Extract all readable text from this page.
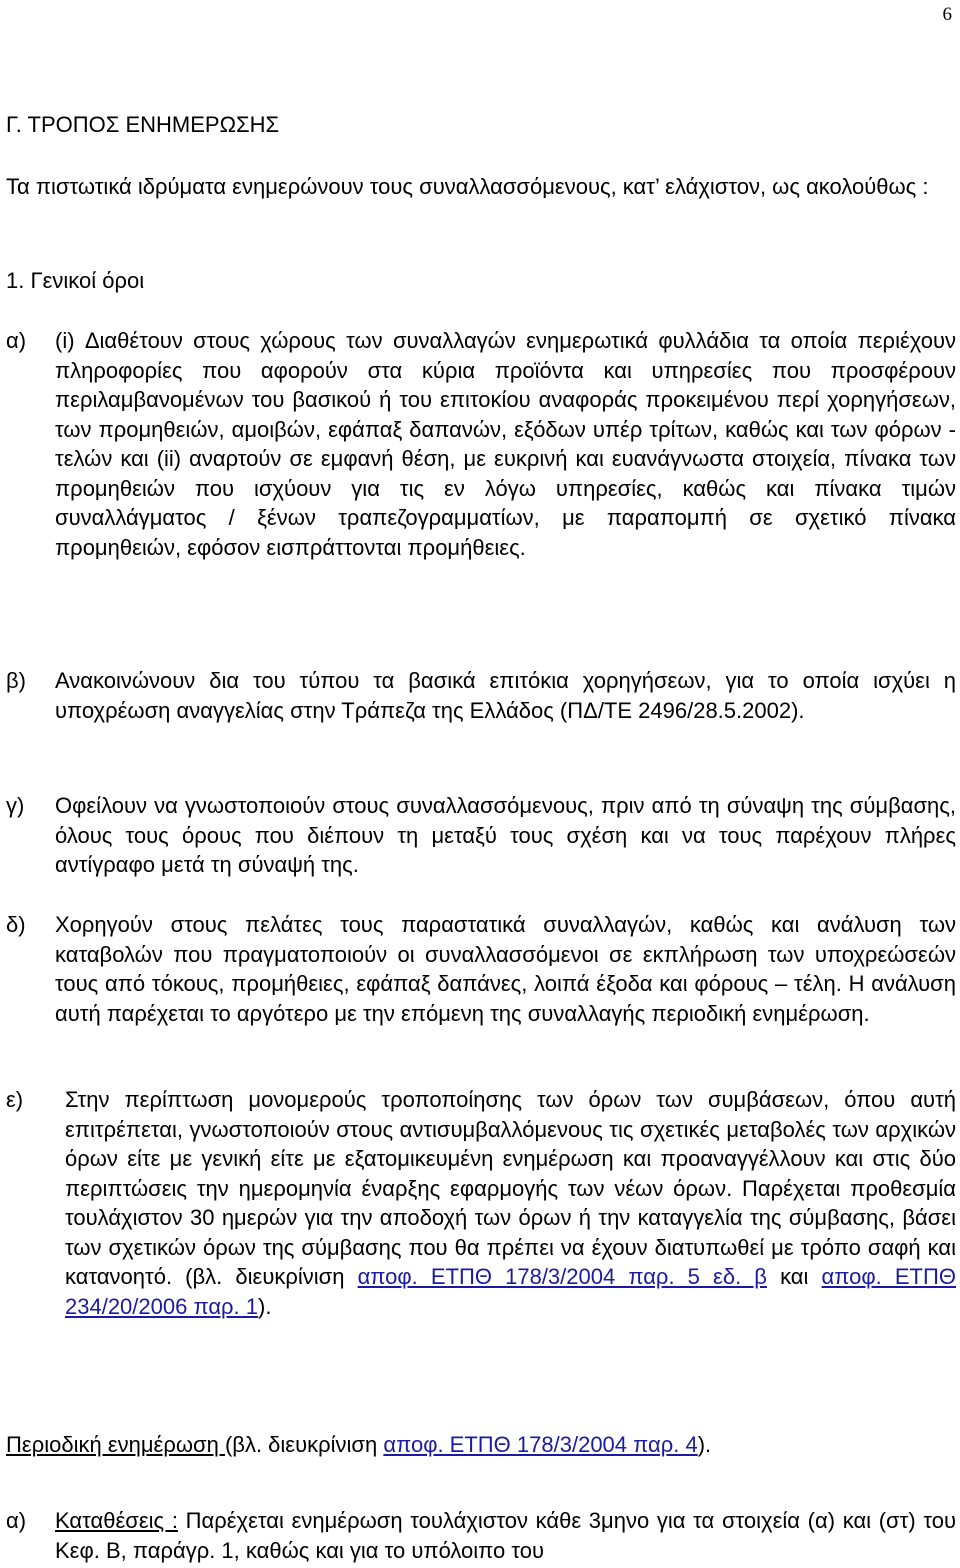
6
Γ. ΤΡΟΠΟΣ ΕΝΗΜΕΡΩΣΗΣ
Τα πιστωτικά ιδρύματα ενημερώνουν τους συναλλασσόμενους, κατ’ ελάχιστον, ως ακολούθως :
1. Γενικοί όροι
α) (i) Διαθέτουν στους χώρους των συναλλαγών ενημερωτικά φυλλάδια τα οποία περιέχουν πληροφορίες που αφορούν στα κύρια προϊόντα και υπηρεσίες που προσφέρουν περιλαμβανομένων του βασικού ή του επιτοκίου αναφοράς προκειμένου περί χορηγήσεων, των προμηθειών, αμοιβών, εφάπαξ δαπανών, εξόδων υπέρ τρίτων, καθώς και των φόρων - τελών και (ii) αναρτούν σε εμφανή θέση, με ευκρινή και ευανάγνωστα στοιχεία, πίνακα των προμηθειών που ισχύουν για τις εν λόγω υπηρεσίες, καθώς και πίνακα τιμών συναλλάγματος / ξένων τραπεζογραμματίων, με παραπομπή σε σχετικό πίνακα προμηθειών, εφόσον εισπράττονται προμήθειες.
β) Ανακοινώνουν δια του τύπου τα βασικά επιτόκια χορηγήσεων, για το οποία ισχύει η υποχρέωση αναγγελίας στην Τράπεζα της Ελλάδος (ΠΔ/ΤΕ 2496/28.5.2002).
γ) Οφείλουν να γνωστοποιούν στους συναλλασσόμενους, πριν από τη σύναψη της σύμβασης, όλους τους όρους που διέπουν τη μεταξύ τους σχέση και να τους παρέχουν πλήρες αντίγραφο μετά τη σύναψή της.
δ) Χορηγούν στους πελάτες τους παραστατικά συναλλαγών, καθώς και ανάλυση των καταβολών που πραγματοποιούν οι συναλλασσόμενοι σε εκπλήρωση των υποχρεώσεών τους από τόκους, προμήθειες, εφάπαξ δαπάνες, λοιπά έξοδα και φόρους – τέλη. Η ανάλυση αυτή παρέχεται το αργότερο με την επόμενη της συναλλαγής περιοδική ενημέρωση.
ε) Στην περίπτωση μονομερούς τροποποίησης των όρων των συμβάσεων, όπου αυτή επιτρέπεται, γνωστοποιούν στους αντισυμβαλλόμενους τις σχετικές μεταβολές των αρχικών όρων είτε με γενική είτε με εξατομικευμένη ενημέρωση και προαναγγέλλουν και στις δύο περιπτώσεις την ημερομηνία έναρξης εφαρμογής των νέων όρων. Παρέχεται προθεσμία τουλάχιστον 30 ημερών για την αποδοχή των όρων ή την καταγγελία της σύμβασης, βάσει των σχετικών όρων της σύμβασης που θα πρέπει να έχουν διατυπωθεί με τρόπο σαφή και κατανοητό. (βλ. διευκρίνιση αποφ. ΕΤΠΘ 178/3/2004 παρ. 5 εδ. β και αποφ. ΕΤΠΘ 234/20/2006 παρ. 1).
Περιοδική ενημέρωση (βλ. διευκρίνιση αποφ. ΕΤΠΘ 178/3/2004 παρ. 4).
α) Καταθέσεις : Παρέχεται ενημέρωση τουλάχιστον κάθε 3μηνο για τα στοιχεία (α) και (στ) του Κεφ. Β, παράγρ. 1, καθώς και για το υπόλοιπο του
